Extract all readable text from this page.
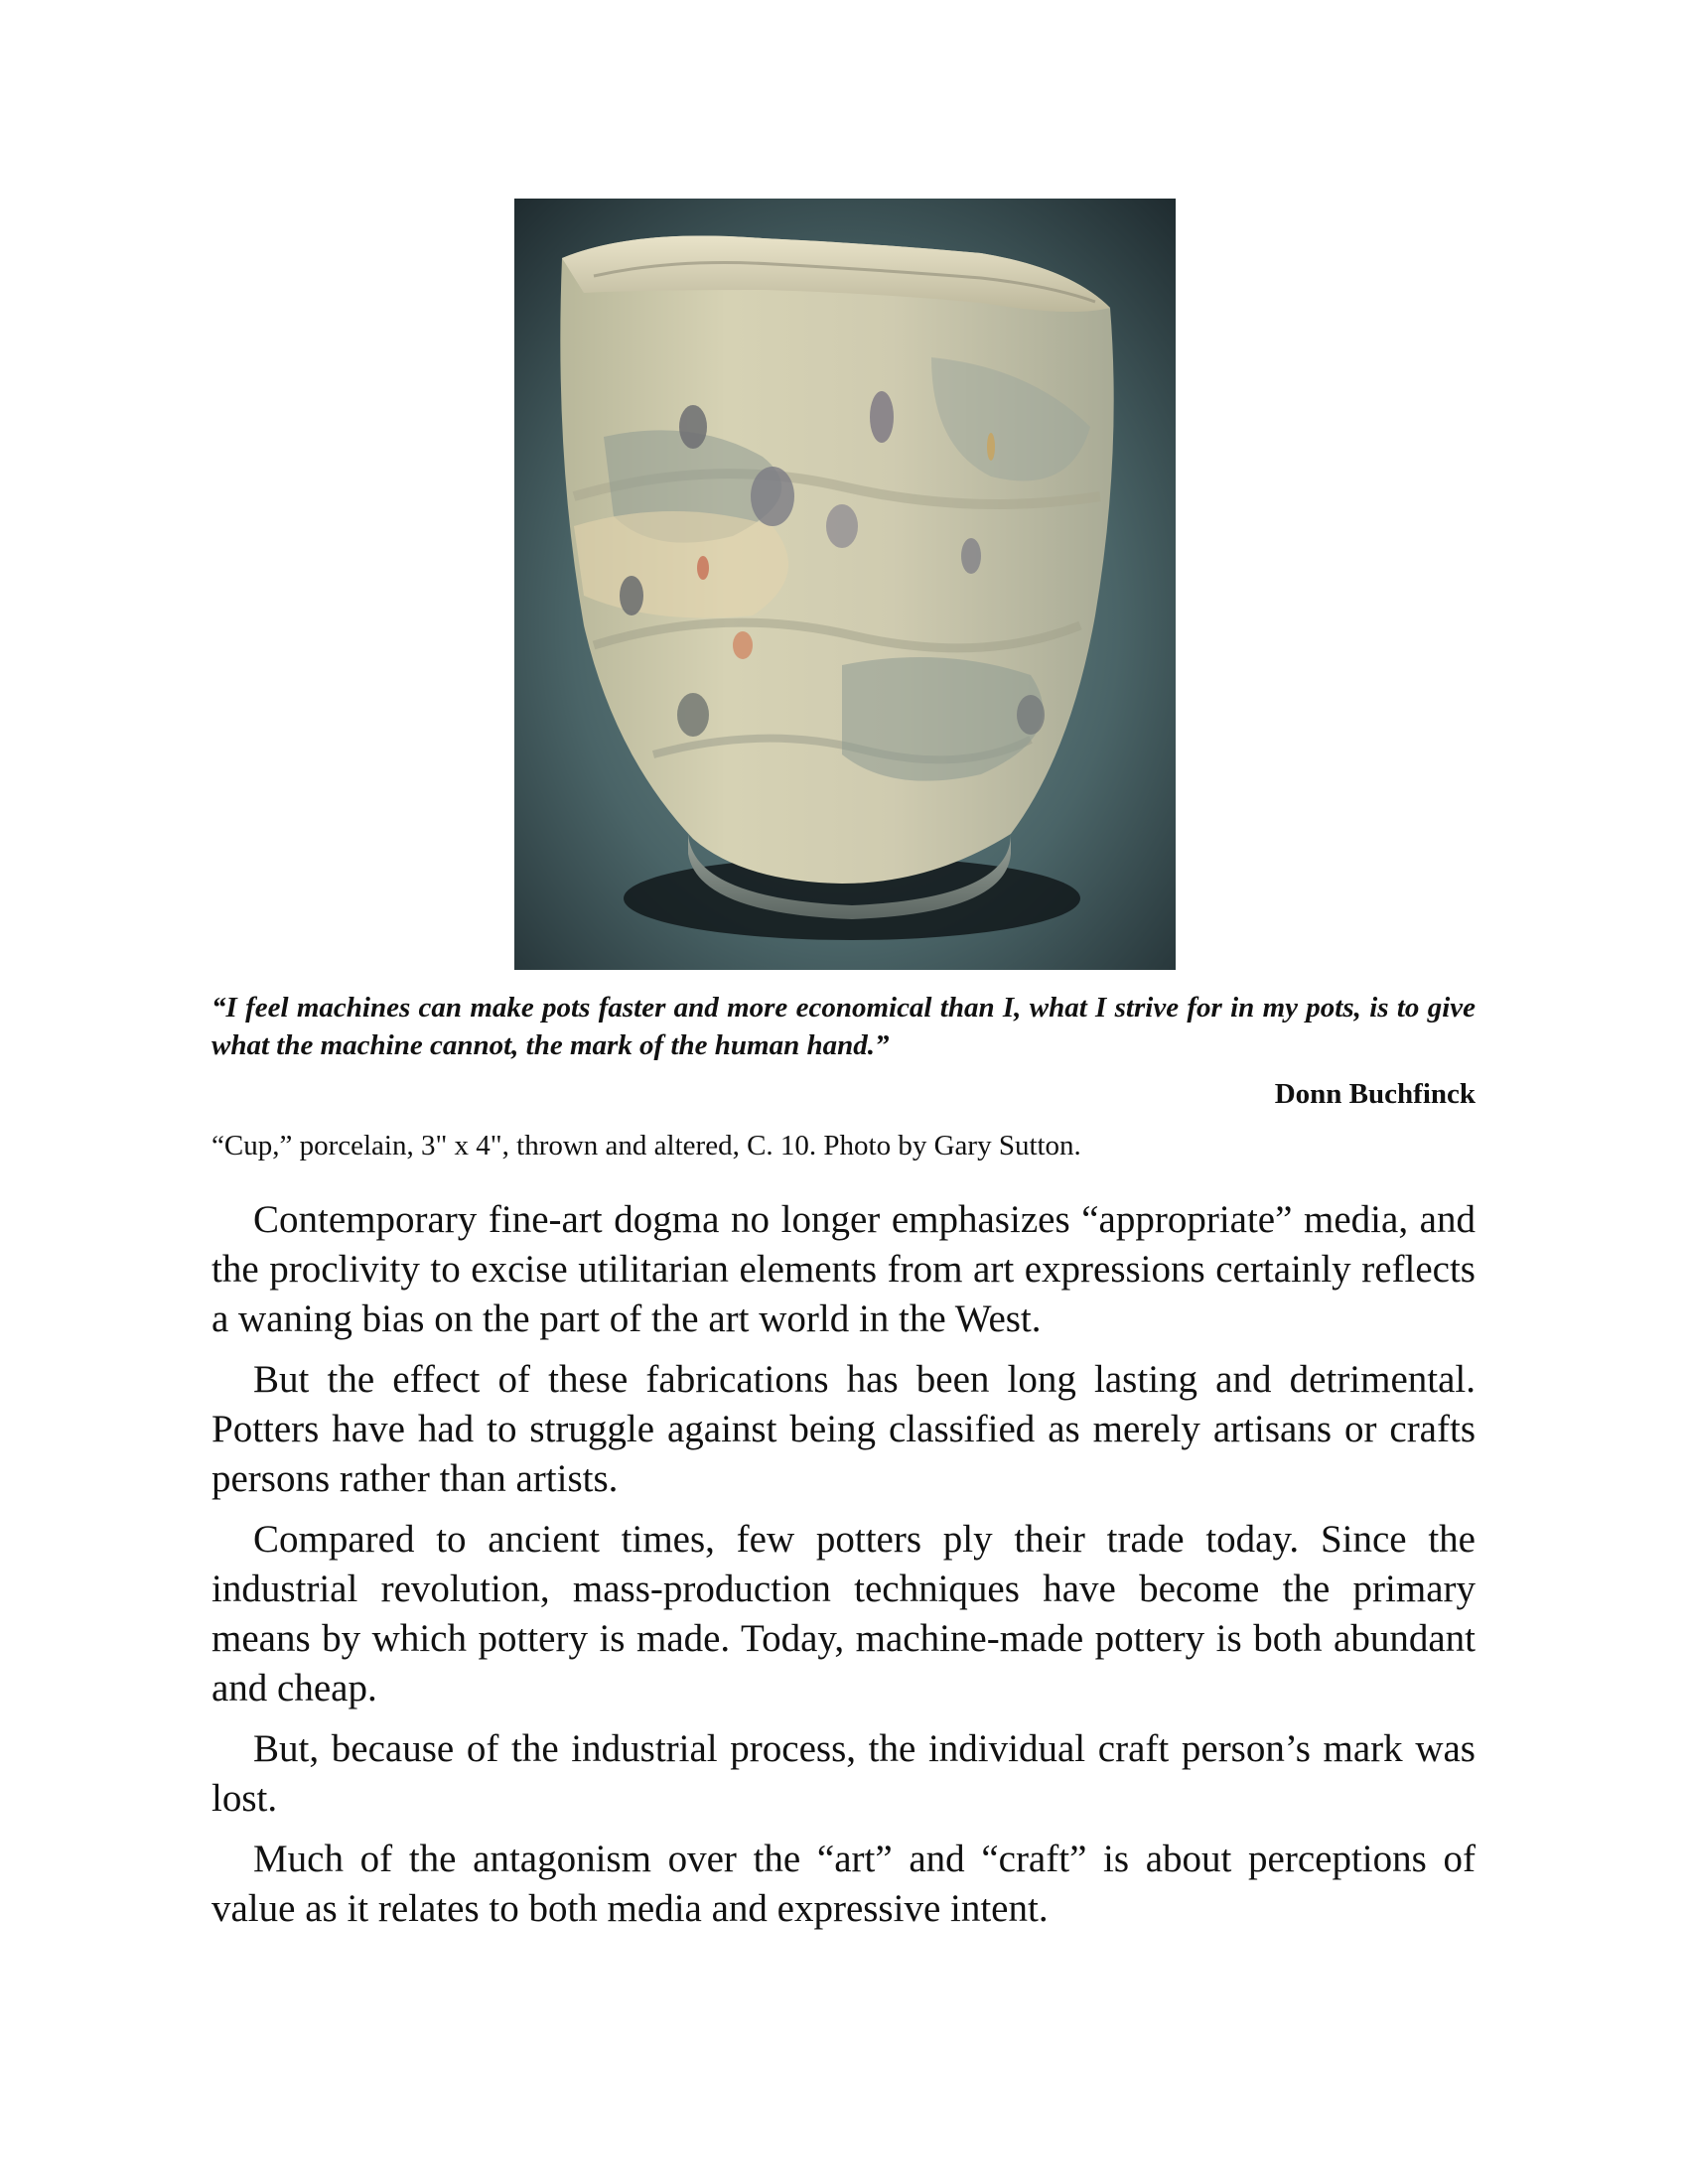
“I feel machines can make pots faster and more economical than I, what I strive for in my pots, is to give what the machine cannot, the mark of the human hand.”

Donn Buchfinck

“Cup,” porcelain, 3" x 4", thrown and altered, C. 10. Photo by Gary Sutton.

Contemporary fine-art dogma no longer emphasizes “appropriate” media, and the proclivity to excise utilitarian elements from art expressions certainly reflects a waning bias on the part of the art world in the West.

But the effect of these fabrications has been long lasting and detrimental. Potters have had to struggle against being classified as merely artisans or crafts persons rather than artists.

Compared to ancient times, few potters ply their trade today. Since the industrial revolution, mass-production techniques have become the primary means by which pottery is made. Today, machine-made pottery is both abundant and cheap.

But, because of the industrial process, the individual craft person’s mark was lost.

Much of the antagonism over the “art” and “craft” is about perceptions of value as it relates to both media and expressive intent.
